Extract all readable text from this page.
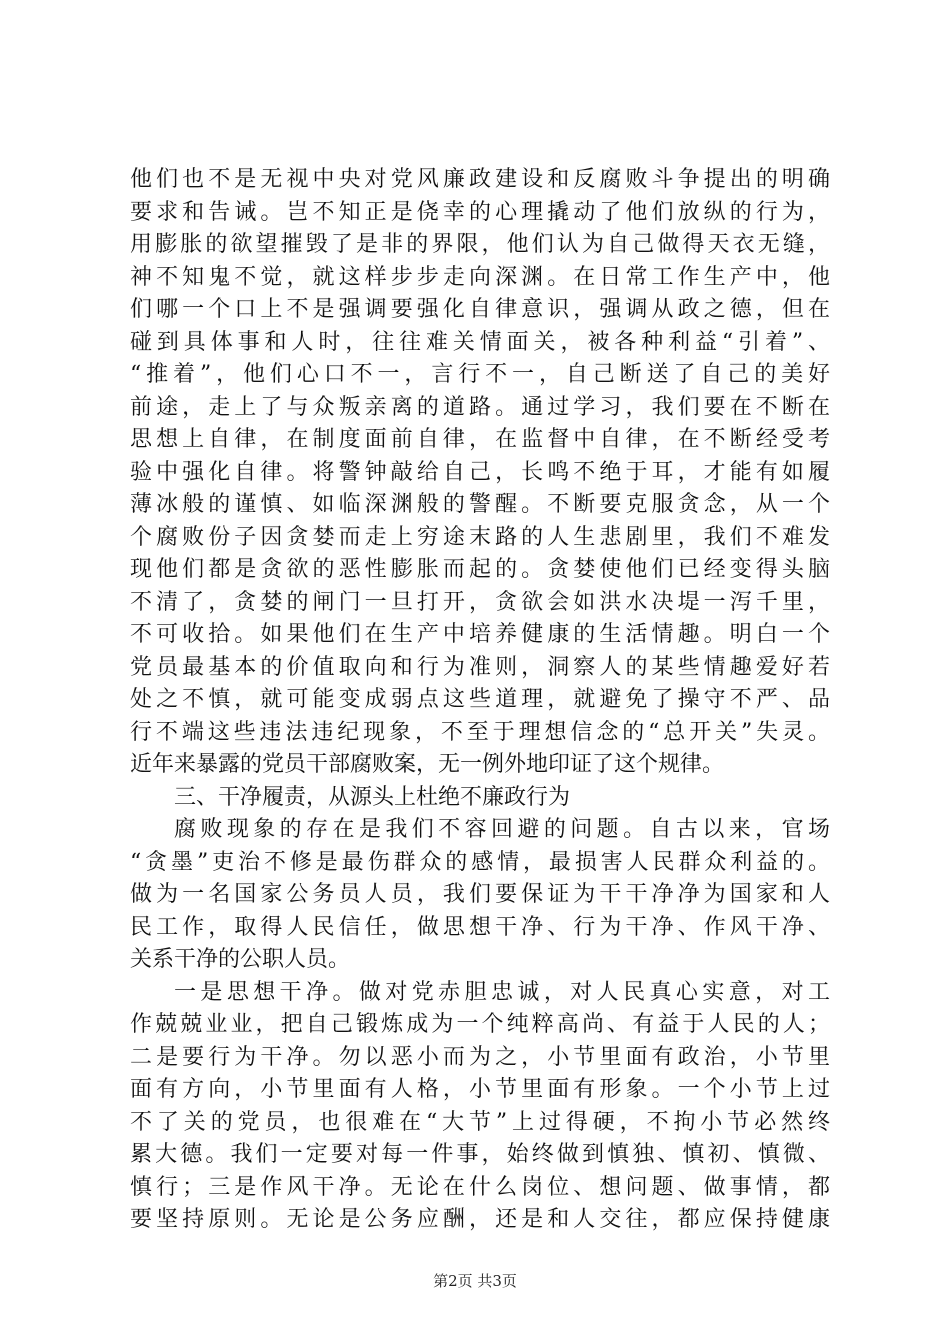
他们也不是无视中央对党风廉政建设和反腐败斗争提出的明确
要求和告诫。岂不知正是侥幸的心理撬动了他们放纵的行为，
用膨胀的欲望摧毁了是非的界限，他们认为自己做得天衣无缝，
神不知鬼不觉，就这样步步走向深渊。在日常工作生产中，他
们哪一个口上不是强调要强化自律意识，强调从政之德，但在
碰到具体事和人时，往往难关情面关，被各种利益“引着”、
“推着”，他们心口不一，言行不一，自己断送了自己的美好
前途，走上了与众叛亲离的道路。通过学习，我们要在不断在
思想上自律，在制度面前自律，在监督中自律，在不断经受考
验中强化自律。将警钟敲给自己，长鸣不绝于耳，才能有如履
薄冰般的谨慎、如临深渊般的警醒。不断要克服贪念，从一个
个腐败份子因贪婪而走上穷途末路的人生悲剧里，我们不难发
现他们都是贪欲的恶性膨胀而起的。贪婪使他们已经变得头脑
不清了，贪婪的闸门一旦打开，贪欲会如洪水决堤一泻千里，
不可收拾。如果他们在生产中培养健康的生活情趣。明白一个
党员最基本的价值取向和行为准则，洞察人的某些情趣爱好若
处之不慎，就可能变成弱点这些道理，就避免了操守不严、品
行不端这些违法违纪现象，不至于理想信念的“总开关”失灵。
近年来暴露的党员干部腐败案，无一例外地印证了这个规律。
三、干净履责，从源头上杜绝不廉政行为
腐败现象的存在是我们不容回避的问题。自古以来，官场
“贪墨”吏治不修是最伤群众的感情，最损害人民群众利益的。
做为一名国家公务员人员，我们要保证为干干净净为国家和人
民工作，取得人民信任，做思想干净、行为干净、作风干净、
关系干净的公职人员。
一是思想干净。做对党赤胆忠诚，对人民真心实意，对工
作兢兢业业，把自己锻炼成为一个纯粹高尚、有益于人民的人；
二是要行为干净。勿以恶小而为之，小节里面有政治，小节里
面有方向，小节里面有人格，小节里面有形象。一个小节上过
不了关的党员，也很难在“大节”上过得硬，不拘小节必然终
累大德。我们一定要对每一件事，始终做到慎独、慎初、慎微、
慎行；三是作风干净。无论在什么岗位、想问题、做事情，都
要坚持原则。无论是公务应酬，还是和人交往，都应保持健康
第2页 共3页
